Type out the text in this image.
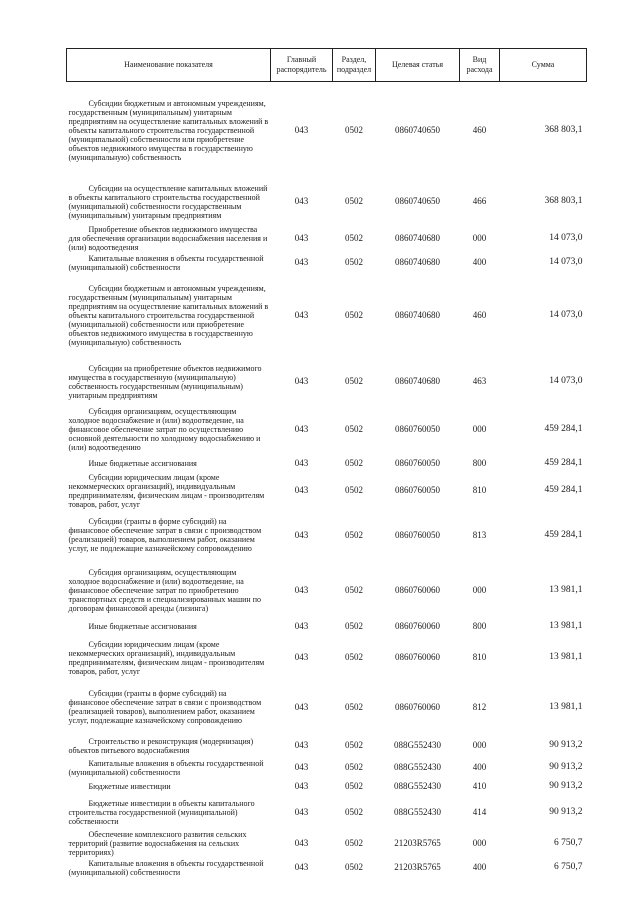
Наименование показателя	Главный распорядитель	Раздел, подраздел	Целевая статья	Вид расхода	Сумма

Субсидии бюджетным и автономным учреждениям, государственным (муниципальным) унитарным предприятиям на осуществление капитальных вложений в объекты капитального строительства государственной (муниципальной) собственности или приобретение объектов недвижимого имущества в государственную (муниципальную) собственность	043	0502	0860740650	460	368 803,1

Субсидии на осуществление капитальных вложений в объекты капитального строительства государственной (муниципальной) собственности государственным (муниципальным) унитарным предприятиям	043	0502	0860740650	466	368 803,1

Приобретение объектов недвижимого имущества для обеспечения организации водоснабжения населения и (или) водоотведения	043	0502	0860740680	000	14 073,0

Капитальные вложения в объекты государственной (муниципальной) собственности	043	0502	0860740680	400	14 073,0

Субсидии бюджетным и автономным учреждениям, государственным (муниципальным) унитарным предприятиям на осуществление капитальных вложений в объекты капитального строительства государственной (муниципальной) собственности или приобретение объектов недвижимого имущества в государственную (муниципальную) собственность	043	0502	0860740680	460	14 073,0

Субсидии на приобретение объектов недвижимого имущества в государственную (муниципальную) собственность государственным (муниципальным) унитарным предприятиям	043	0502	0860740680	463	14 073,0

Субсидия организациям, осуществляющим холодное водоснабжение и (или) водоотведение, на финансовое обеспечение затрат по осуществлению основной деятельности по холодному водоснабжению и (или) водоотведению	043	0502	0860760050	000	459 284,1

Иные бюджетные ассигнования	043	0502	0860760050	800	459 284,1

Субсидии юридическим лицам (кроме некоммерческих организаций), индивидуальным предпринимателям, физическим лицам - производителям товаров, работ, услуг	043	0502	0860760050	810	459 284,1

Субсидии (гранты в форме субсидий) на финансовое обеспечение затрат в связи с производством (реализацией) товаров, выполнением работ, оказанием услуг, не подлежащие казначейскому сопровождению	043	0502	0860760050	813	459 284,1

Субсидия организациям, осуществляющим холодное водоснабжение и (или) водоотведение, на финансовое обеспечение затрат по приобретению транспортных средств и специализированных машин по договорам финансовой аренды (лизинга)	043	0502	0860760060	000	13 981,1

Иные бюджетные ассигнования	043	0502	0860760060	800	13 981,1

Субсидии юридическим лицам (кроме некоммерческих организаций), индивидуальным предпринимателям, физическим лицам - производителям товаров, работ, услуг	043	0502	0860760060	810	13 981,1

Субсидии (гранты в форме субсидий) на финансовое обеспечение затрат в связи с производством (реализацией товаров), выполнением работ, оказанием услуг, подлежащие казначейскому сопровождению	043	0502	0860760060	812	13 981,1

Строительство и реконструкция (модернизация) объектов питьевого водоснабжения	043	0502	088G552430	000	90 913,2

Капитальные вложения в объекты государственной (муниципальной) собственности	043	0502	088G552430	400	90 913,2

Бюджетные инвестиции	043	0502	088G552430	410	90 913,2

Бюджетные инвестиции в объекты капитального строительства государственной (муниципальной) собственности	043	0502	088G552430	414	90 913,2

Обеспечение комплексного развития сельских территорий (развитие водоснабжения на сельских территориях)	043	0502	21203R5765	000	6 750,7

Капитальные вложения в объекты государственной (муниципальной) собственности	043	0502	21203R5765	400	6 750,7
